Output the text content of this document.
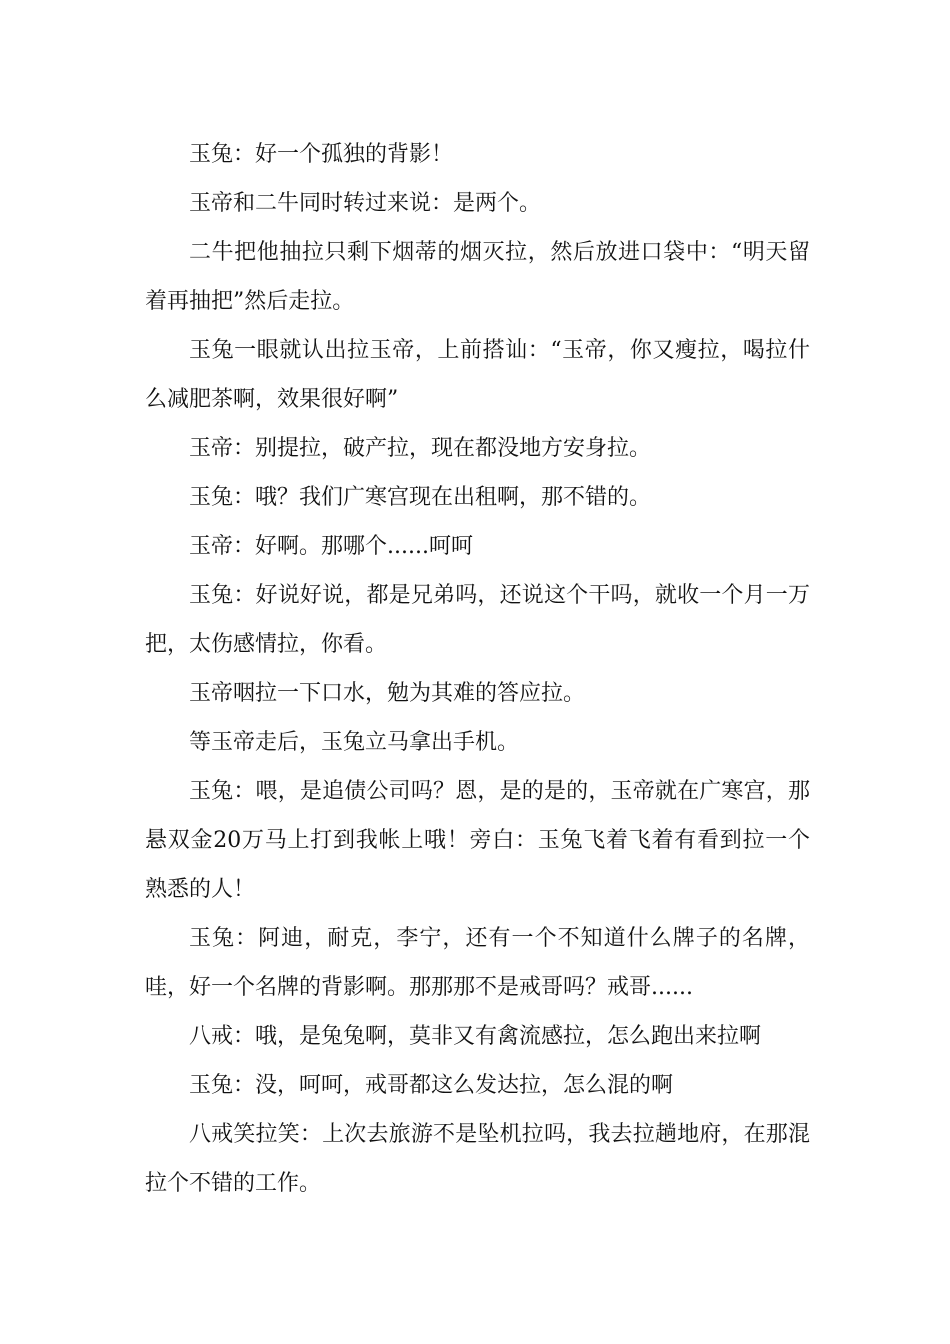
玉兔：好一个孤独的背影！

玉帝和二牛同时转过来说：是两个。

二牛把他抽拉只剩下烟蒂的烟灭拉，然后放进口袋中：“明天留着再抽把”然后走拉。

玉兔一眼就认出拉玉帝，上前搭讪：“玉帝，你又瘦拉，喝拉什么减肥茶啊，效果很好啊”

玉帝：别提拉，破产拉，现在都没地方安身拉。

玉兔：哦？我们广寒宫现在出租啊，那不错的。

玉帝：好啊。那哪个......呵呵

玉兔：好说好说，都是兄弟吗，还说这个干吗，就收一个月一万把，太伤感情拉，你看。

玉帝咽拉一下口水，勉为其难的答应拉。

等玉帝走后，玉兔立马拿出手机。

玉兔：喂，是追债公司吗？恩，是的是的，玉帝就在广寒宫，那悬双金20万马上打到我帐上哦！旁白：玉兔飞着飞着有看到拉一个熟悉的人！

玉兔：阿迪，耐克，李宁，还有一个不知道什么牌子的名牌，哇，好一个名牌的背影啊。那那那不是戒哥吗？戒哥......

八戒：哦，是兔兔啊，莫非又有禽流感拉，怎么跑出来拉啊

玉兔：没，呵呵，戒哥都这么发达拉，怎么混的啊

八戒笑拉笑：上次去旅游不是坠机拉吗，我去拉趟地府，在那混拉个不错的工作。
